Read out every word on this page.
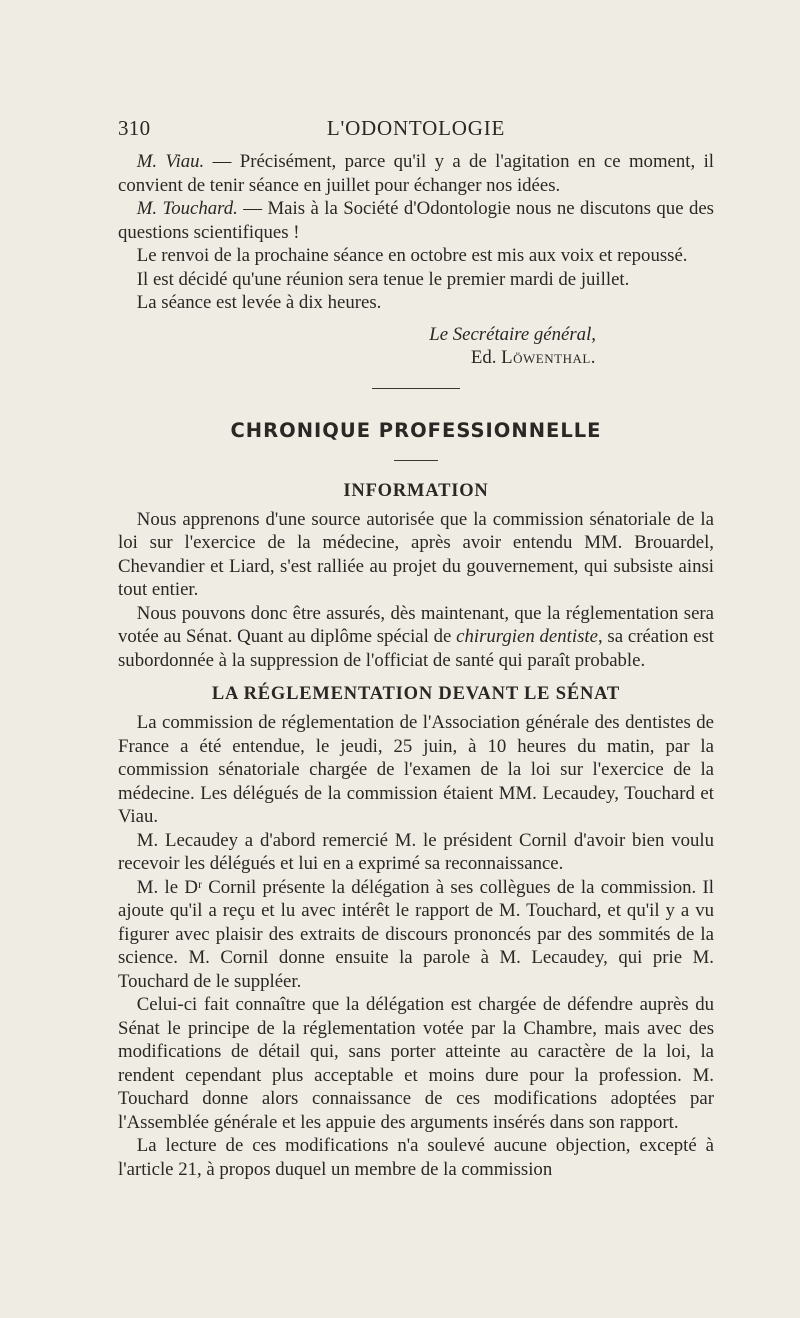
310	L'ODONTOLOGIE

 M. Viau. — Précisément, parce qu'il y a de l'agitation en ce moment, il convient de tenir séance en juillet pour échanger nos idées.

 M. Touchard. — Mais à la Société d'Odontologie nous ne discutons que des questions scientifiques !

 Le renvoi de la prochaine séance en octobre est mis aux voix et repoussé.

 Il est décidé qu'une réunion sera tenue le premier mardi de juillet.

 La séance est levée à dix heures.

Le Secrétaire général,
Ed. Löwenthal.
CHRONIQUE PROFESSIONNELLE
INFORMATION

 Nous apprenons d'une source autorisée que la commission sénatoriale de la loi sur l'exercice de la médecine, après avoir entendu MM. Brouardel, Chevandier et Liard, s'est ralliée au projet du gouvernement, qui subsiste ainsi tout entier.

 Nous pouvons donc être assurés, dès maintenant, que la réglementation sera votée au Sénat. Quant au diplôme spécial de chirurgien dentiste, sa création est subordonnée à la suppression de l'officiat de santé qui paraît probable.

LA RÉGLEMENTATION DEVANT LE SÉNAT

 La commission de réglementation de l'Association générale des dentistes de France a été entendue, le jeudi, 25 juin, à 10 heures du matin, par la commission sénatoriale chargée de l'examen de la loi sur l'exercice de la médecine. Les délégués de la commission étaient MM. Lecaudey, Touchard et Viau.

 M. Lecaudey a d'abord remercié M. le président Cornil d'avoir bien voulu recevoir les délégués et lui en a exprimé sa reconnaissance.

 M. le Dʳ Cornil présente la délégation à ses collègues de la commission. Il ajoute qu'il a reçu et lu avec intérêt le rapport de M. Touchard, et qu'il y a vu figurer avec plaisir des extraits de discours prononcés par des sommités de la science. M. Cornil donne ensuite la parole à M. Lecaudey, qui prie M. Touchard de le suppléer.

 Celui-ci fait connaître que la délégation est chargée de défendre auprès du Sénat le principe de la réglementation votée par la Chambre, mais avec des modifications de détail qui, sans porter atteinte au caractère de la loi, la rendent cependant plus acceptable et moins dure pour la profession. M. Touchard donne alors connaissance de ces modifications adoptées par l'Assemblée générale et les appuie des arguments insérés dans son rapport.

 La lecture de ces modifications n'a soulevé aucune objection, excepté à l'article 21, à propos duquel un membre de la commission
